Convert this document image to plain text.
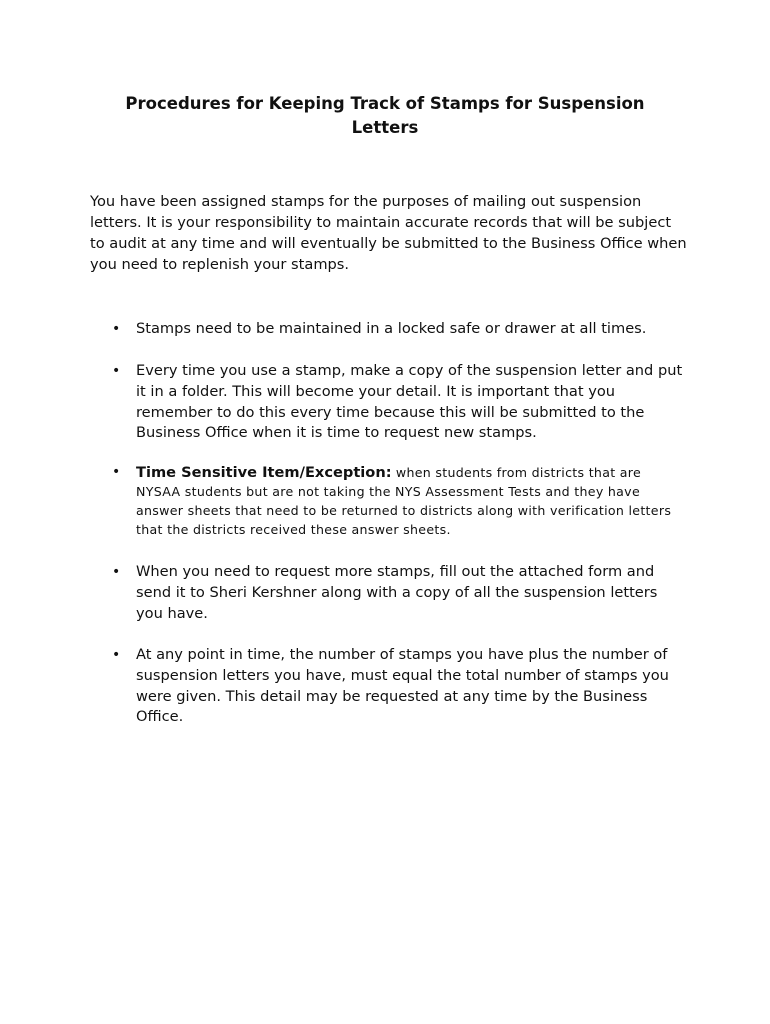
Procedures for Keeping Track of Stamps for Suspension Letters

You have been assigned stamps for the purposes of mailing out suspension letters. It is your responsibility to maintain accurate records that will be subject to audit at any time and will eventually be submitted to the Business Office when you need to replenish your stamps.

• Stamps need to be maintained in a locked safe or drawer at all times.
• Every time you use a stamp, make a copy of the suspension letter and put it in a folder. This will become your detail. It is important that you remember to do this every time because this will be submitted to the Business Office when it is time to request new stamps.
• Time Sensitive Item/Exception: when students from districts that are NYSAA students but are not taking the NYS Assessment Tests and they have answer sheets that need to be returned to districts along with verification letters that the districts received these answer sheets.
• When you need to request more stamps, fill out the attached form and send it to Sheri Kershner along with a copy of all the suspension letters you have.
• At any point in time, the number of stamps you have plus the number of suspension letters you have, must equal the total number of stamps you were given. This detail may be requested at any time by the Business Office.
